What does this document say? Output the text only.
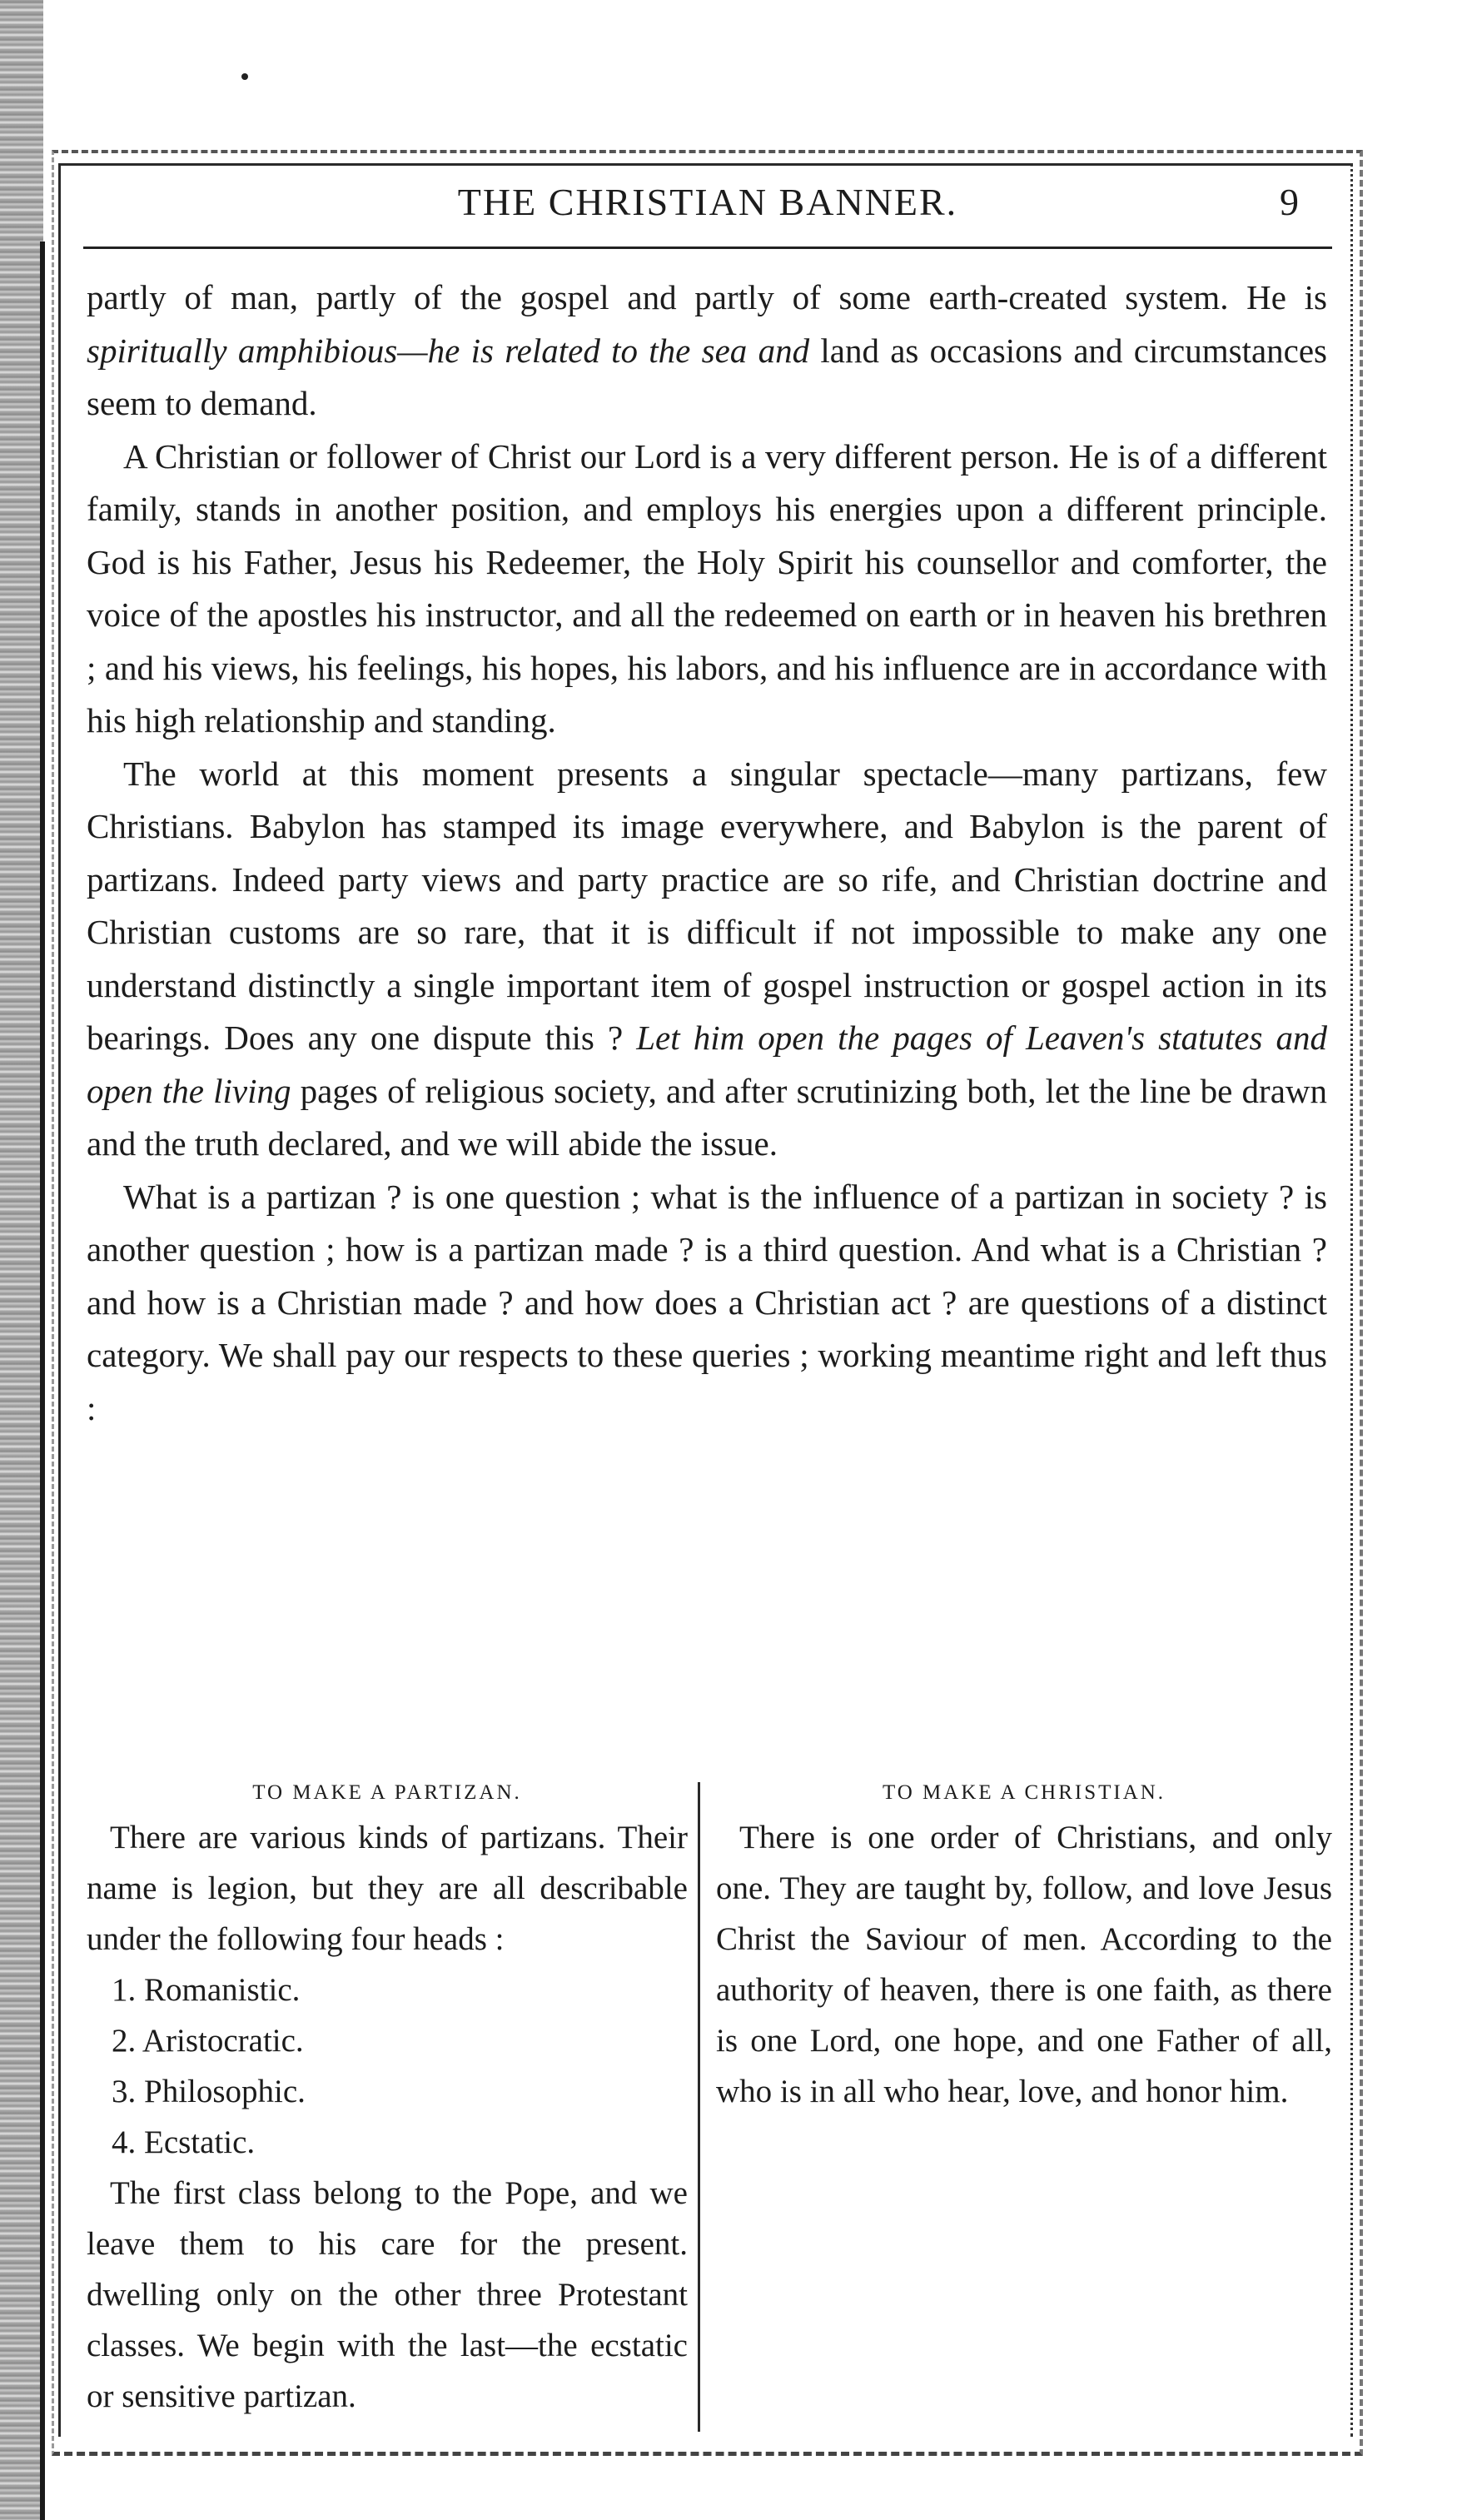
THE CHRISTIAN BANNER.	9

partly of man, partly of the gospel and partly of some earth-created system. He is spiritually amphibious—he is related to the sea and land as occasions and circumstances seem to demand.

A Christian or follower of Christ our Lord is a very different person. He is of a different family, stands in another position, and employs his energies upon a different principle. God is his Father, Jesus his Redeemer, the Holy Spirit his counsellor and comforter, the voice of the apostles his instructor, and all the redeemed on earth or in heaven his brethren ; and his views, his feelings, his hopes, his labors, and his influence are in accordance with his high relationship and standing.

The world at this moment presents a singular spectacle—many partizans, few Christians. Babylon has stamped its image everywhere, and Babylon is the parent of partizans. Indeed party views and party practice are so rife, and Christian doctrine and Christian customs are so rare, that it is difficult if not impossible to make any one understand distinctly a single important item of gospel instruction or gospel action in its bearings. Does any one dispute this ? Let him open the pages of Leaven's statutes and open the living pages of religious society, and after scrutinizing both, let the line be drawn and the truth declared, and we will abide the issue.

What is a partizan ? is one question ; what is the influence of a partizan in society ? is another question ; how is a partizan made ? is a third question. And what is a Christian ? and how is a Christian made ? and how does a Christian act ? are questions of a distinct category. We shall pay our respects to these queries ; working meantime right and left thus :

TO MAKE A PARTIZAN.

There are various kinds of partizans. Their name is legion, but they are all describable under the following four heads :

1. Romanistic.
2. Aristocratic.
3. Philosophic.
4. Ecstatic.

The first class belong to the Pope, and we leave them to his care for the present. dwelling only on the other three Protestant classes. We begin with the last—the ecstatic or sensitive partizan.

TO MAKE A CHRISTIAN.

There is one order of Christians, and only one. They are taught by, follow, and love Jesus Christ the Saviour of men. According to the authority of heaven, there is one faith, as there is one Lord, one hope, and one Father of all, who is in all who hear, love, and honor him.
